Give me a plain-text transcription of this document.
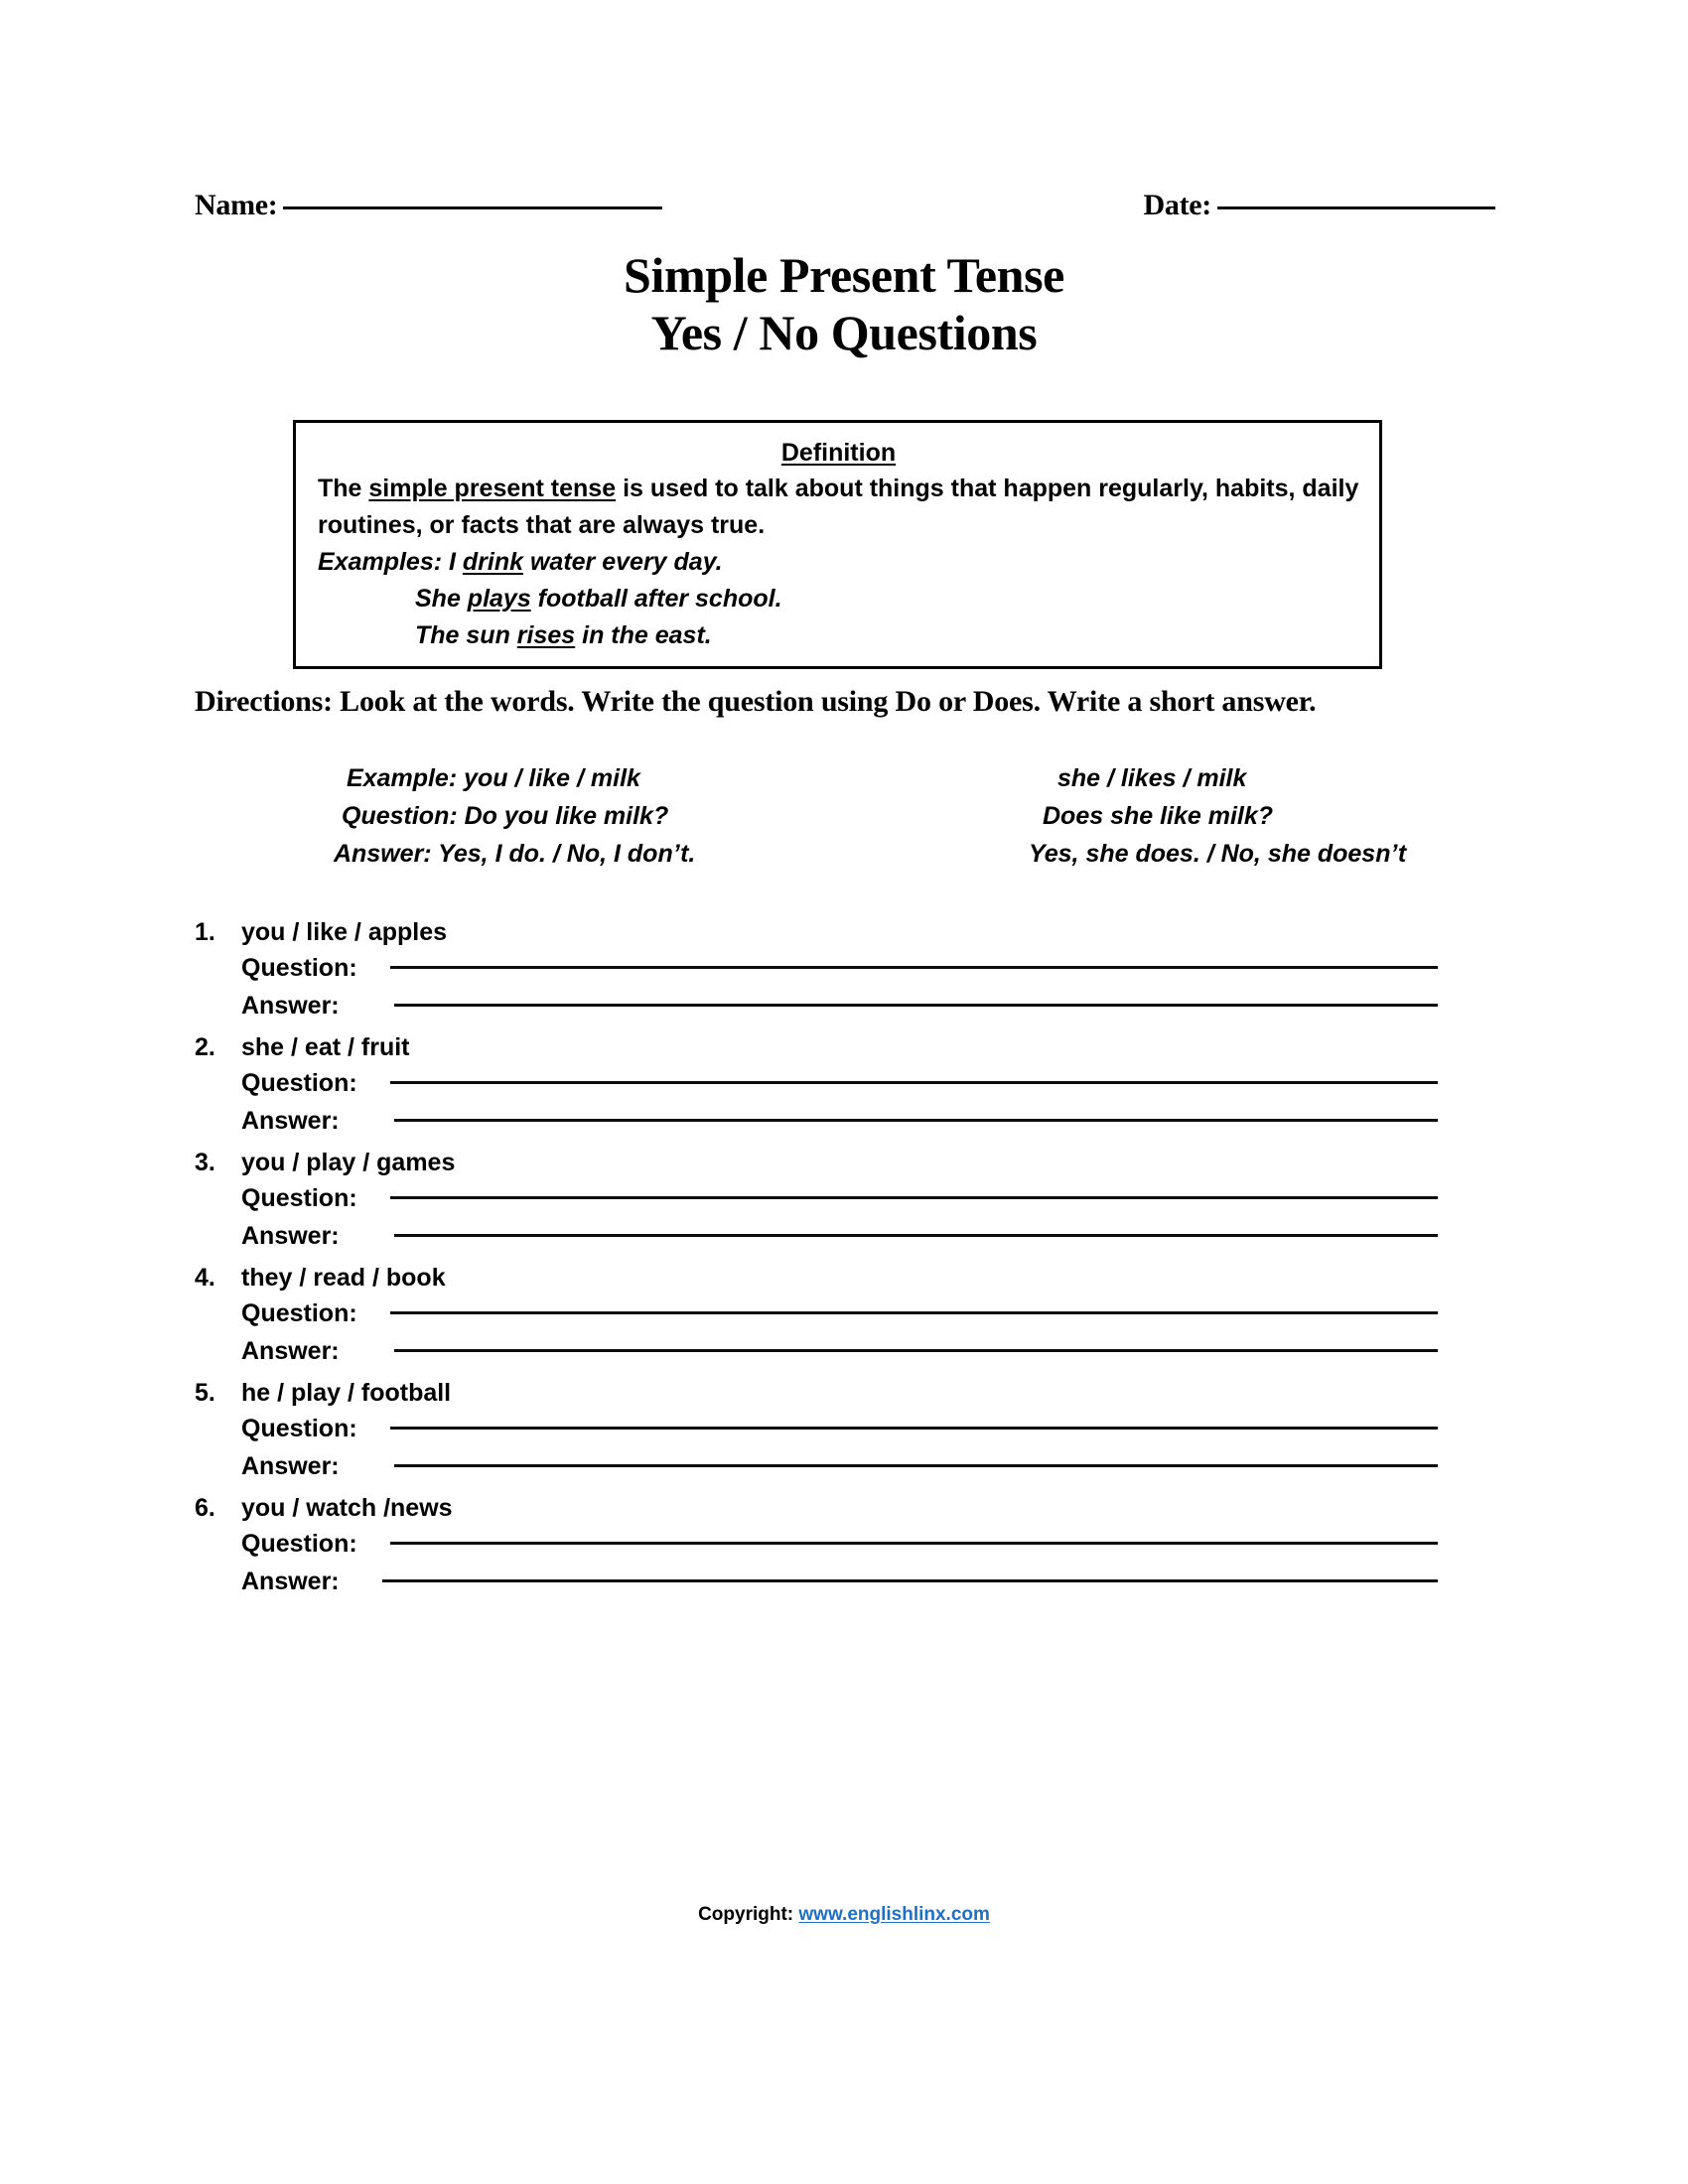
Name:	Date:
Simple Present Tense
Yes / No Questions
Definition
The simple present tense is used to talk about things that happen regularly, habits, daily routines, or facts that are always true.
Examples: I drink water every day.
She plays football after school.
The sun rises in the east.
Directions: Look at the words. Write the question using Do or Does. Write a short answer.
Example: you / like / milk	she / likes / milk
Question: Do you like milk?	Does she like milk?
Answer: Yes, I do. / No, I don’t.	Yes, she does. / No, she doesn’t
1.	you / like / apples
Question:
Answer:
2.	she / eat / fruit
Question:
Answer:
3.	you / play / games
Question:
Answer:
4.	they / read / book
Question:
Answer:
5.	he / play / football
Question:
Answer:
6.	you / watch /news
Question:
Answer:
Copyright: www.englishlinx.com
